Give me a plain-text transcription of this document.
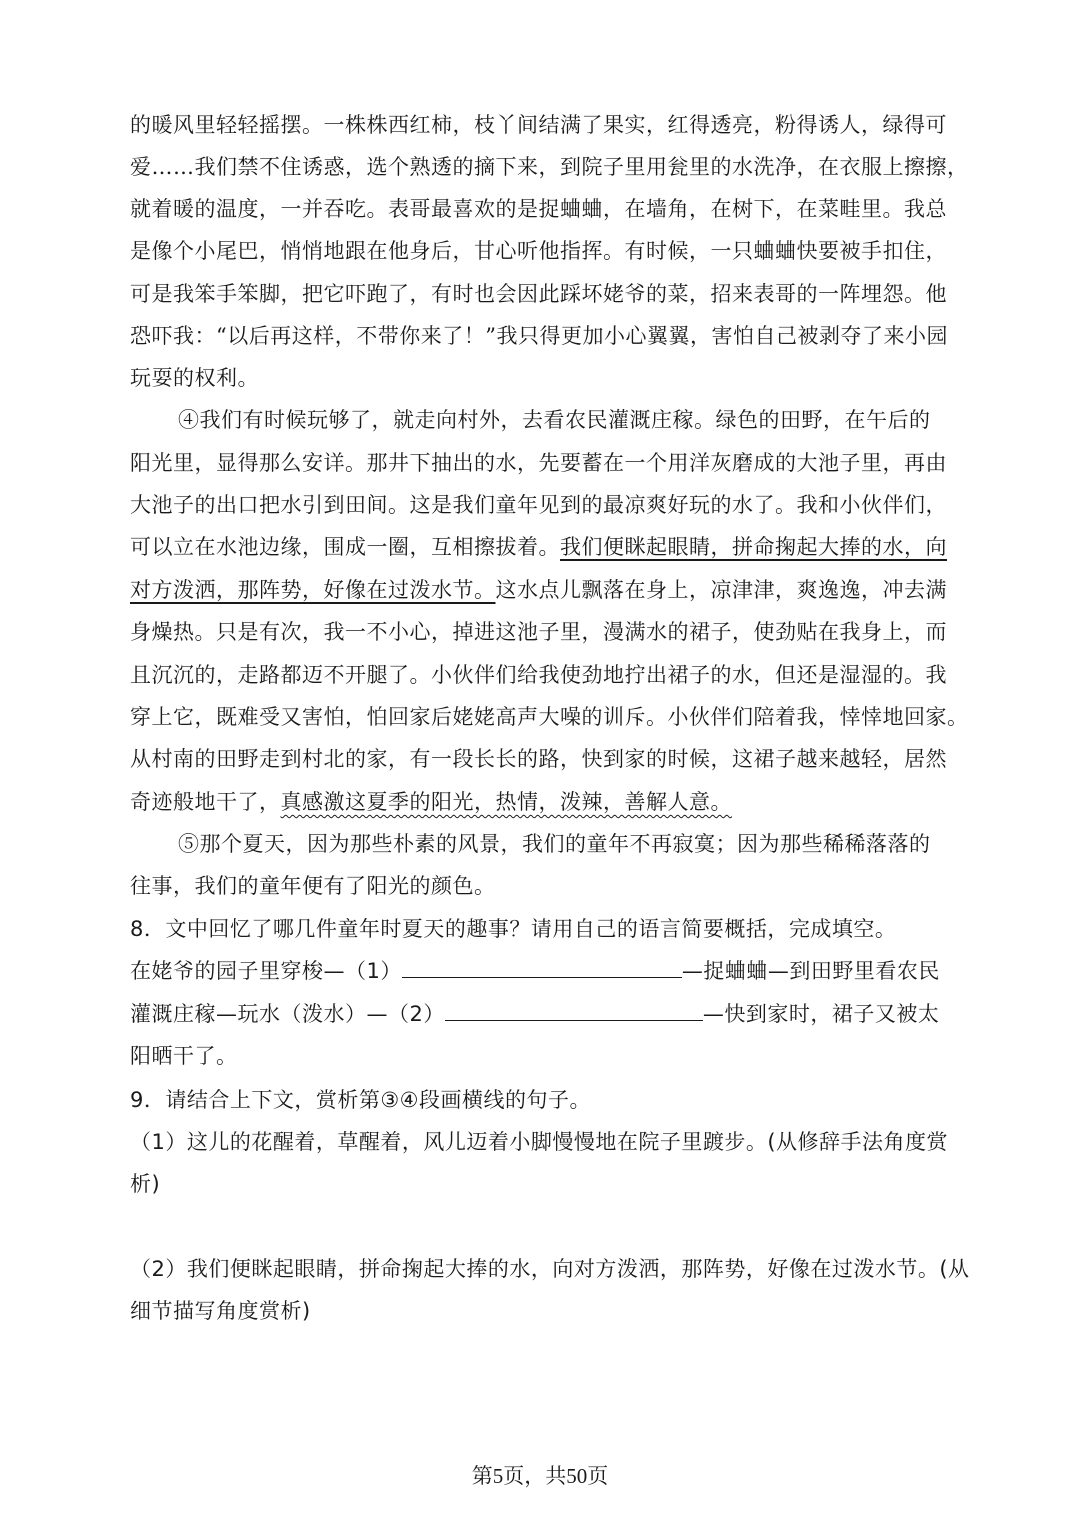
的暖风里轻轻摇摆。一株株西红柿，枝丫间结满了果实，红得透亮，粉得诱人，绿得可
爱……我们禁不住诱惑，选个熟透的摘下来，到院子里用瓮里的水洗净，在衣服上擦擦，
就着暖的温度，一并吞吃。表哥最喜欢的是捉蛐蛐，在墙角，在树下，在菜畦里。我总
是像个小尾巴，悄悄地跟在他身后，甘心听他指挥。有时候，一只蛐蛐快要被手扣住，
可是我笨手笨脚，把它吓跑了，有时也会因此踩坏姥爷的菜，招来表哥的一阵埋怨。他
恐吓我：“以后再这样，不带你来了！”我只得更加小心翼翼，害怕自己被剥夺了来小园
玩耍的权利。
④我们有时候玩够了，就走向村外，去看农民灌溉庄稼。绿色的田野，在午后的
阳光里，显得那么安详。那井下抽出的水，先要蓄在一个用洋灰磨成的大池子里，再由
大池子的出口把水引到田间。这是我们童年见到的最凉爽好玩的水了。我和小伙伴们，
可以立在水池边缘，围成一圈，互相擦拔着。我们便眯起眼睛，拼命掬起大捧的水，向
对方泼洒，那阵势，好像在过泼水节。这水点儿飘落在身上，凉津津，爽逸逸，冲去满
身燥热。只是有次，我一不小心，掉进这池子里，漫满水的裙子，使劲贴在我身上，而
且沉沉的，走路都迈不开腿了。小伙伴们给我使劲地拧出裙子的水，但还是湿湿的。我
穿上它，既难受又害怕，怕回家后姥姥高声大噪的训斥。小伙伴们陪着我，悻悻地回家。
从村南的田野走到村北的家，有一段长长的路，快到家的时候，这裙子越来越轻，居然
奇迹般地干了，真感激这夏季的阳光，热情，泼辣，善解人意。
⑤那个夏天，因为那些朴素的风景，我们的童年不再寂寞；因为那些稀稀落落的
往事，我们的童年便有了阳光的颜色。
8．文中回忆了哪几件童年时夏天的趣事？请用自己的语言简要概括，完成填空。
在姥爷的园子里穿梭—（1）	—捉蛐蛐—到田野里看农民
灌溉庄稼—玩水（泼水）—（2）	—快到家时，裙子又被太
阳晒干了。
9．请结合上下文，赏析第③④段画横线的句子。
（1）这儿的花醒着，草醒着，风儿迈着小脚慢慢地在院子里踱步。(从修辞手法角度赏
析)
（2）我们便眯起眼睛，拼命掬起大捧的水，向对方泼洒，那阵势，好像在过泼水节。(从
细节描写角度赏析)
第5页，共50页
